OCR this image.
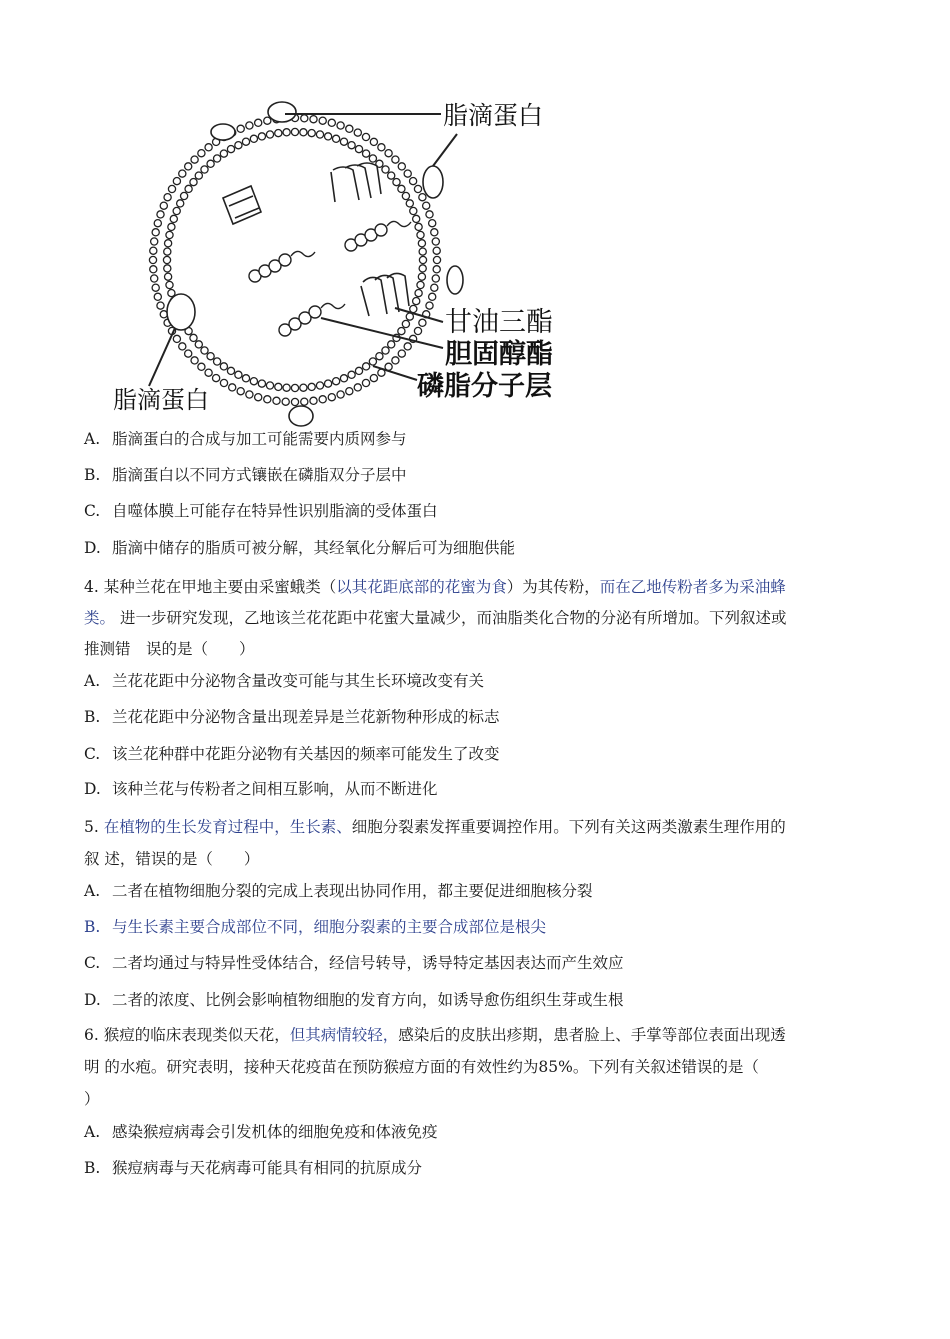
脂滴蛋白
甘油三酯
胆固醇酯
磷脂分子层
脂滴蛋白
A. 脂滴蛋白的合成与加工可能需要内质网参与
B. 脂滴蛋白以不同方式镶嵌在磷脂双分子层中
C. 自噬体膜上可能存在特异性识别脂滴的受体蛋白
D. 脂滴中储存的脂质可被分解，其经氧化分解后可为细胞供能
4. 某种兰花在甲地主要由采蜜蛾类（以其花距底部的花蜜为食）为其传粉，而在乙地传粉者多为采油蜂
类。 进一步研究发现，乙地该兰花花距中花蜜大量减少，而油脂类化合物的分泌有所增加。下列叙述或
推测错　误的是（　　）
A. 兰花花距中分泌物含量改变可能与其生长环境改变有关
B. 兰花花距中分泌物含量出现差异是兰花新物种形成的标志
C. 该兰花种群中花距分泌物有关基因的频率可能发生了改变
D. 该种兰花与传粉者之间相互影响，从而不断进化
5. 在植物的生长发育过程中，生长素、细胞分裂素发挥重要调控作用。下列有关这两类激素生理作用的
叙 述，错误的是（　　）
A. 二者在植物细胞分裂的完成上表现出协同作用，都主要促进细胞核分裂
B. 与生长素主要合成部位不同，细胞分裂素的主要合成部位是根尖
C. 二者均通过与特异性受体结合，经信号转导，诱导特定基因表达而产生效应
D. 二者的浓度、比例会影响植物细胞的发育方向，如诱导愈伤组织生芽或生根
6. 猴痘的临床表现类似天花，但其病情较轻，感染后的皮肤出疹期，患者脸上、手掌等部位表面出现透
明 的水疱。研究表明，接种天花疫苗在预防猴痘方面的有效性约为85%。下列有关叙述错误的是（
）
A. 感染猴痘病毒会引发机体的细胞免疫和体液免疫
B. 猴痘病毒与天花病毒可能具有相同的抗原成分
